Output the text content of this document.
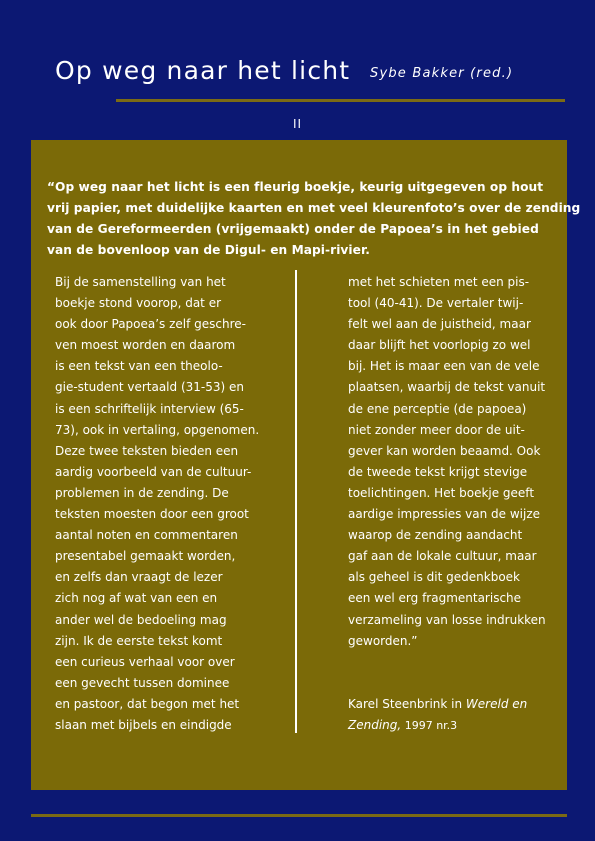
Op weg naar het licht Sybe Bakker (red.)
II

“Op weg naar het licht is een fleurig boekje, keurig uitgegeven op hout
vrij papier, met duidelijke kaarten en met veel kleurenfoto’s over de zending
van de Gereformeerden (vrijgemaakt) onder de Papoea’s in het gebied
van de bovenloop van de Digul- en Mapi-rivier.

Bij de samenstelling van het
boekje stond voorop, dat er
ook door Papoea’s zelf geschre-
ven moest worden en daarom
is een tekst van een theolo-
gie-student vertaald (31-53) en
is een schriftelijk interview (65-
73), ook in vertaling, opgenomen.
Deze twee teksten bieden een
aardig voorbeeld van de cultuur-
problemen in de zending. De
teksten moesten door een groot
aantal noten en commentaren
presentabel gemaakt worden,
en zelfs dan vraagt de lezer
zich nog af wat van een en
ander wel de bedoeling mag
zijn. Ik de eerste tekst komt
een curieus verhaal voor over
een gevecht tussen dominee
en pastoor, dat begon met het
slaan met bijbels en eindigde

met het schieten met een pis-
tool (40-41). De vertaler twij-
felt wel aan de juistheid, maar
daar blijft het voorlopig zo wel
bij. Het is maar een van de vele
plaatsen, waarbij de tekst vanuit
de ene perceptie (de papoea)
niet zonder meer door de uit-
gever kan worden beaamd. Ook
de tweede tekst krijgt stevige
toelichtingen. Het boekje geeft
aardige impressies van de wijze
waarop de zending aandacht
gaf aan de lokale cultuur, maar
als geheel is dit gedenkboek
een wel erg fragmentarische
verzameling van losse indrukken
geworden.”
Karel Steenbrink in Wereld en
Zending, 1997 nr.3
